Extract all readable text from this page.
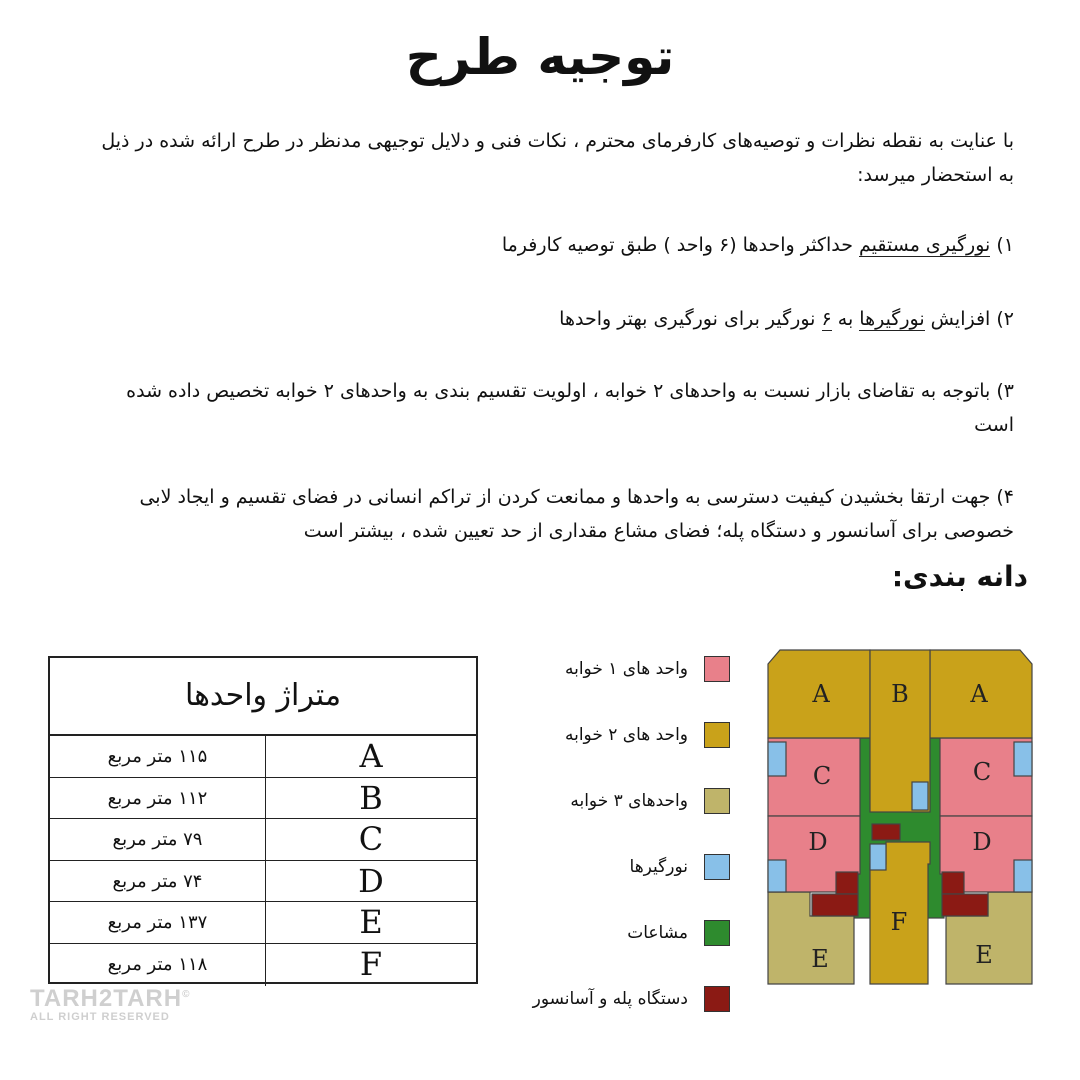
توجیه طرح
با عنایت به نقطه نظرات و توصیه‌های کارفرمای محترم ، نکات فنی و دلایل توجیهی مدنظر در طرح ارائه شده در ذیل به استحضار میرسد:
۱) نورگیری مستقیم حداکثر واحدها (۶ واحد ) طبق توصیه کارفرما
۲) افزایش نورگیرها به ۶ نورگیر برای نورگیری بهتر واحدها
۳) باتوجه به تقاضای بازار نسبت به واحدهای ۲ خوابه ، اولویت تقسیم بندی به واحدهای ۲ خوابه تخصیص داده شده است
۴) جهت ارتقا بخشیدن کیفیت دسترسی به واحدها و ممانعت کردن از تراکم انسانی در فضای تقسیم و ایجاد لابی خصوصی برای آسانسور و دستگاه پله؛ فضای مشاع مقداری از حد تعیین شده ، بیشتر است
دانه بندی:
متراژ واحدها
۱۱۵ متر مربع	A
۱۱۲ متر مربع	B
۷۹ متر مربع	C
۷۴ متر مربع	D
۱۳۷ متر مربع	E
۱۱۸ متر مربع	F
واحد های ۱ خوابه
واحد های ۲ خوابه
واحدهای ۳ خوابه
نورگیرها
مشاعات
دستگاه پله و آسانسور
A	B	A
C	C
D	D
E
F
E
TARH2TARH©
ALL RIGHT RESERVED
